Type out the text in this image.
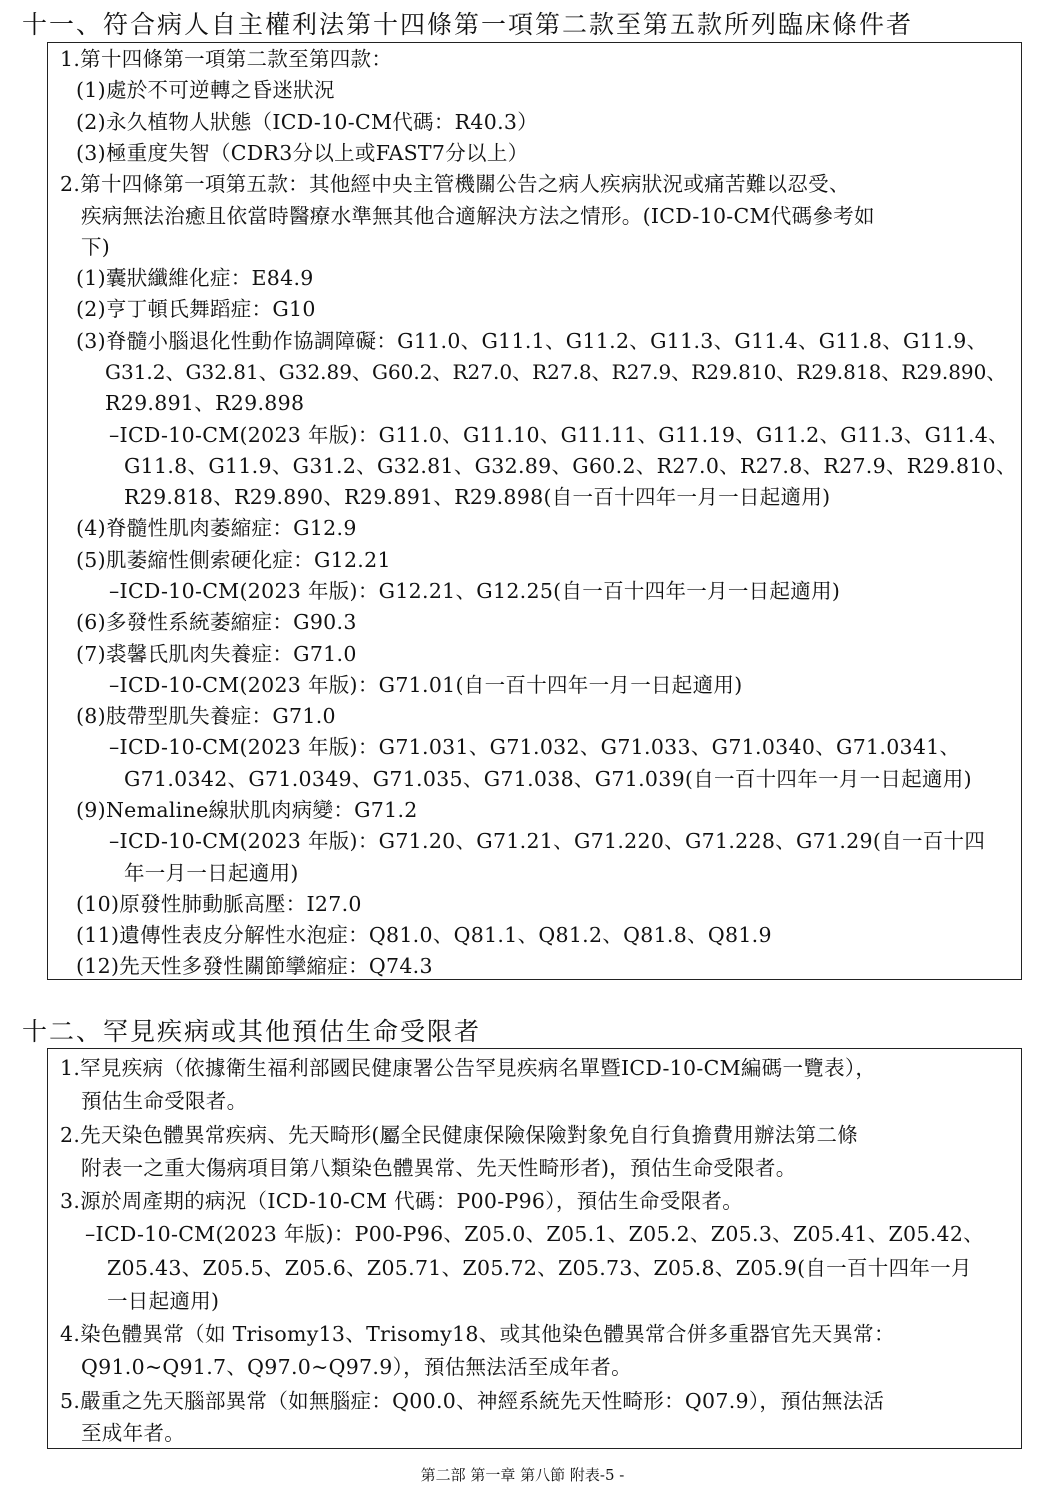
十一、符合病人自主權利法第十四條第一項第二款至第五款所列臨床條件者
1.第十四條第一項第二款至第四款：
(1)處於不可逆轉之昏迷狀況
(2)永久植物人狀態（ICD-10-CM代碼：R40.3）
(3)極重度失智（CDR3分以上或FAST7分以上）
2.第十四條第一項第五款：其他經中央主管機關公告之病人疾病狀況或痛苦難以忍受、
疾病無法治癒且依當時醫療水準無其他合適解決方法之情形。(ICD-10-CM代碼參考如
下)
(1)囊狀纖維化症：E84.9
(2)亨丁頓氏舞蹈症：G10
(3)脊髓小腦退化性動作協調障礙：G11.0、G11.1、G11.2、G11.3、G11.4、G11.8、G11.9、
G31.2、G32.81、G32.89、G60.2、R27.0、R27.8、R27.9、R29.810、R29.818、R29.890、
R29.891、R29.898
–ICD-10-CM(2023 年版)：G11.0、G11.10、G11.11、G11.19、G11.2、G11.3、G11.4、
G11.8、G11.9、G31.2、G32.81、G32.89、G60.2、R27.0、R27.8、R27.9、R29.810、
R29.818、R29.890、R29.891、R29.898(自一百十四年一月一日起適用)
(4)脊髓性肌肉萎縮症：G12.9
(5)肌萎縮性側索硬化症：G12.21
–ICD-10-CM(2023 年版)：G12.21、G12.25(自一百十四年一月一日起適用)
(6)多發性系統萎縮症：G90.3
(7)裘馨氏肌肉失養症：G71.0
–ICD-10-CM(2023 年版)：G71.01(自一百十四年一月一日起適用)
(8)肢帶型肌失養症：G71.0
–ICD-10-CM(2023 年版)：G71.031、G71.032、G71.033、G71.0340、G71.0341、
G71.0342、G71.0349、G71.035、G71.038、G71.039(自一百十四年一月一日起適用)
(9)Nemaline線狀肌肉病變：G71.2
–ICD-10-CM(2023 年版)：G71.20、G71.21、G71.220、G71.228、G71.29(自一百十四
年一月一日起適用)
(10)原發性肺動脈高壓：I27.0
(11)遺傳性表皮分解性水泡症：Q81.0、Q81.1、Q81.2、Q81.8、Q81.9
(12)先天性多發性關節攣縮症：Q74.3
十二、罕見疾病或其他預估生命受限者
1.罕見疾病（依據衛生福利部國民健康署公告罕見疾病名單暨ICD-10-CM編碼一覽表），
預估生命受限者。
2.先天染色體異常疾病、先天畸形(屬全民健康保險保險對象免自行負擔費用辦法第二條
附表一之重大傷病項目第八類染色體異常、先天性畸形者)，預估生命受限者。
3.源於周產期的病況（ICD-10-CM 代碼：P00-P96），預估生命受限者。
–ICD-10-CM(2023 年版)：P00-P96、Z05.0、Z05.1、Z05.2、Z05.3、Z05.41、Z05.42、
Z05.43、Z05.5、Z05.6、Z05.71、Z05.72、Z05.73、Z05.8、Z05.9(自一百十四年一月
一日起適用)
4.染色體異常（如 Trisomy13、Trisomy18、或其他染色體異常合併多重器官先天異常：
Q91.0~Q91.7、Q97.0~Q97.9），預估無法活至成年者。
5.嚴重之先天腦部異常（如無腦症：Q00.0、神經系統先天性畸形：Q07.9），預估無法活
至成年者。
第二部 第一章 第八節 附表-5 -
